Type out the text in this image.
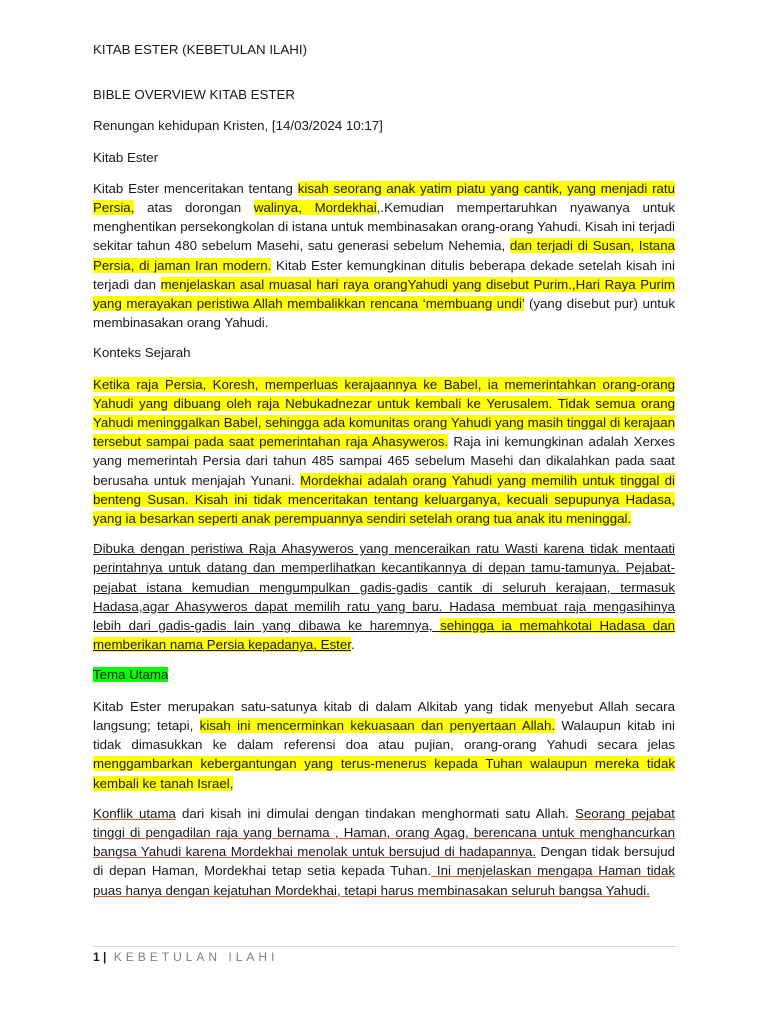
KITAB ESTER (KEBETULAN ILAHI)

BIBLE OVERVIEW KITAB ESTER

Renungan kehidupan Kristen, [14/03/2024 10:17]

Kitab Ester

Kitab Ester menceritakan tentang kisah seorang anak yatim piatu yang cantik, yang menjadi ratu Persia, atas dorongan walinya, Mordekhai,.Kemudian mempertaruhkan nyawanya untuk menghentikan persekongkolan di istana untuk membinasakan orang-orang Yahudi. Kisah ini terjadi sekitar tahun 480 sebelum Masehi, satu generasi sebelum Nehemia, dan terjadi di Susan, Istana Persia, di jaman Iran modern. Kitab Ester kemungkinan ditulis beberapa dekade setelah kisah ini terjadi dan menjelaskan asal muasal hari raya orangYahudi yang disebut Purim.,Hari Raya Purim yang merayakan peristiwa Allah membalikkan rencana ‘membuang undi’ (yang disebut pur) untuk membinasakan orang Yahudi.

Konteks Sejarah

Ketika raja Persia, Koresh, memperluas kerajaannya ke Babel, ia memerintahkan orang-orang Yahudi yang dibuang oleh raja Nebukadnezar untuk kembali ke Yerusalem. Tidak semua orang Yahudi meninggalkan Babel, sehingga ada komunitas orang Yahudi yang masih tinggal di kerajaan tersebut sampai pada saat pemerintahan raja Ahasyweros. Raja ini kemungkinan adalah Xerxes yang memerintah Persia dari tahun 485 sampai 465 sebelum Masehi dan dikalahkan pada saat berusaha untuk menjajah Yunani. Mordekhai adalah orang Yahudi yang memilih untuk tinggal di benteng Susan. Kisah ini tidak menceritakan tentang keluarganya, kecuali sepupunya Hadasa, yang ia besarkan seperti anak perempuannya sendiri setelah orang tua anak itu meninggal.

Dibuka dengan peristiwa Raja Ahasyweros yang menceraikan ratu Wasti karena tidak mentaati perintahnya untuk datang dan memperlihatkan kecantikannya di depan tamu-tamunya. Pejabat-pejabat istana kemudian mengumpulkan gadis-gadis cantik di seluruh kerajaan, termasuk Hadasa,agar Ahasyweros dapat memilih ratu yang baru. Hadasa membuat raja mengasihinya lebih dari gadis-gadis lain yang dibawa ke haremnya, sehingga ia memahkotai Hadasa dan memberikan nama Persia kepadanya, Ester.

Tema Utama

Kitab Ester merupakan satu-satunya kitab di dalam Alkitab yang tidak menyebut Allah secara langsung; tetapi, kisah ini mencerminkan kekuasaan dan penyertaan Allah. Walaupun kitab ini tidak dimasukkan ke dalam referensi doa atau pujian, orang-orang Yahudi secara jelas menggambarkan kebergantungan yang terus-menerus kepada Tuhan walaupun mereka tidak kembali ke tanah Israel,

Konflik utama dari kisah ini dimulai dengan tindakan menghormati satu Allah. Seorang pejabat tinggi di pengadilan raja yang bernama , Haman, orang Agag, berencana untuk menghancurkan bangsa Yahudi karena Mordekhai menolak untuk bersujud di hadapannya. Dengan tidak bersujud di depan Haman, Mordekhai tetap setia kepada Tuhan. Ini menjelaskan mengapa Haman tidak puas hanya dengan kejatuhan Mordekhai, tetapi harus membinasakan seluruh bangsa Yahudi.

1 | KEBETULAN ILAHI
